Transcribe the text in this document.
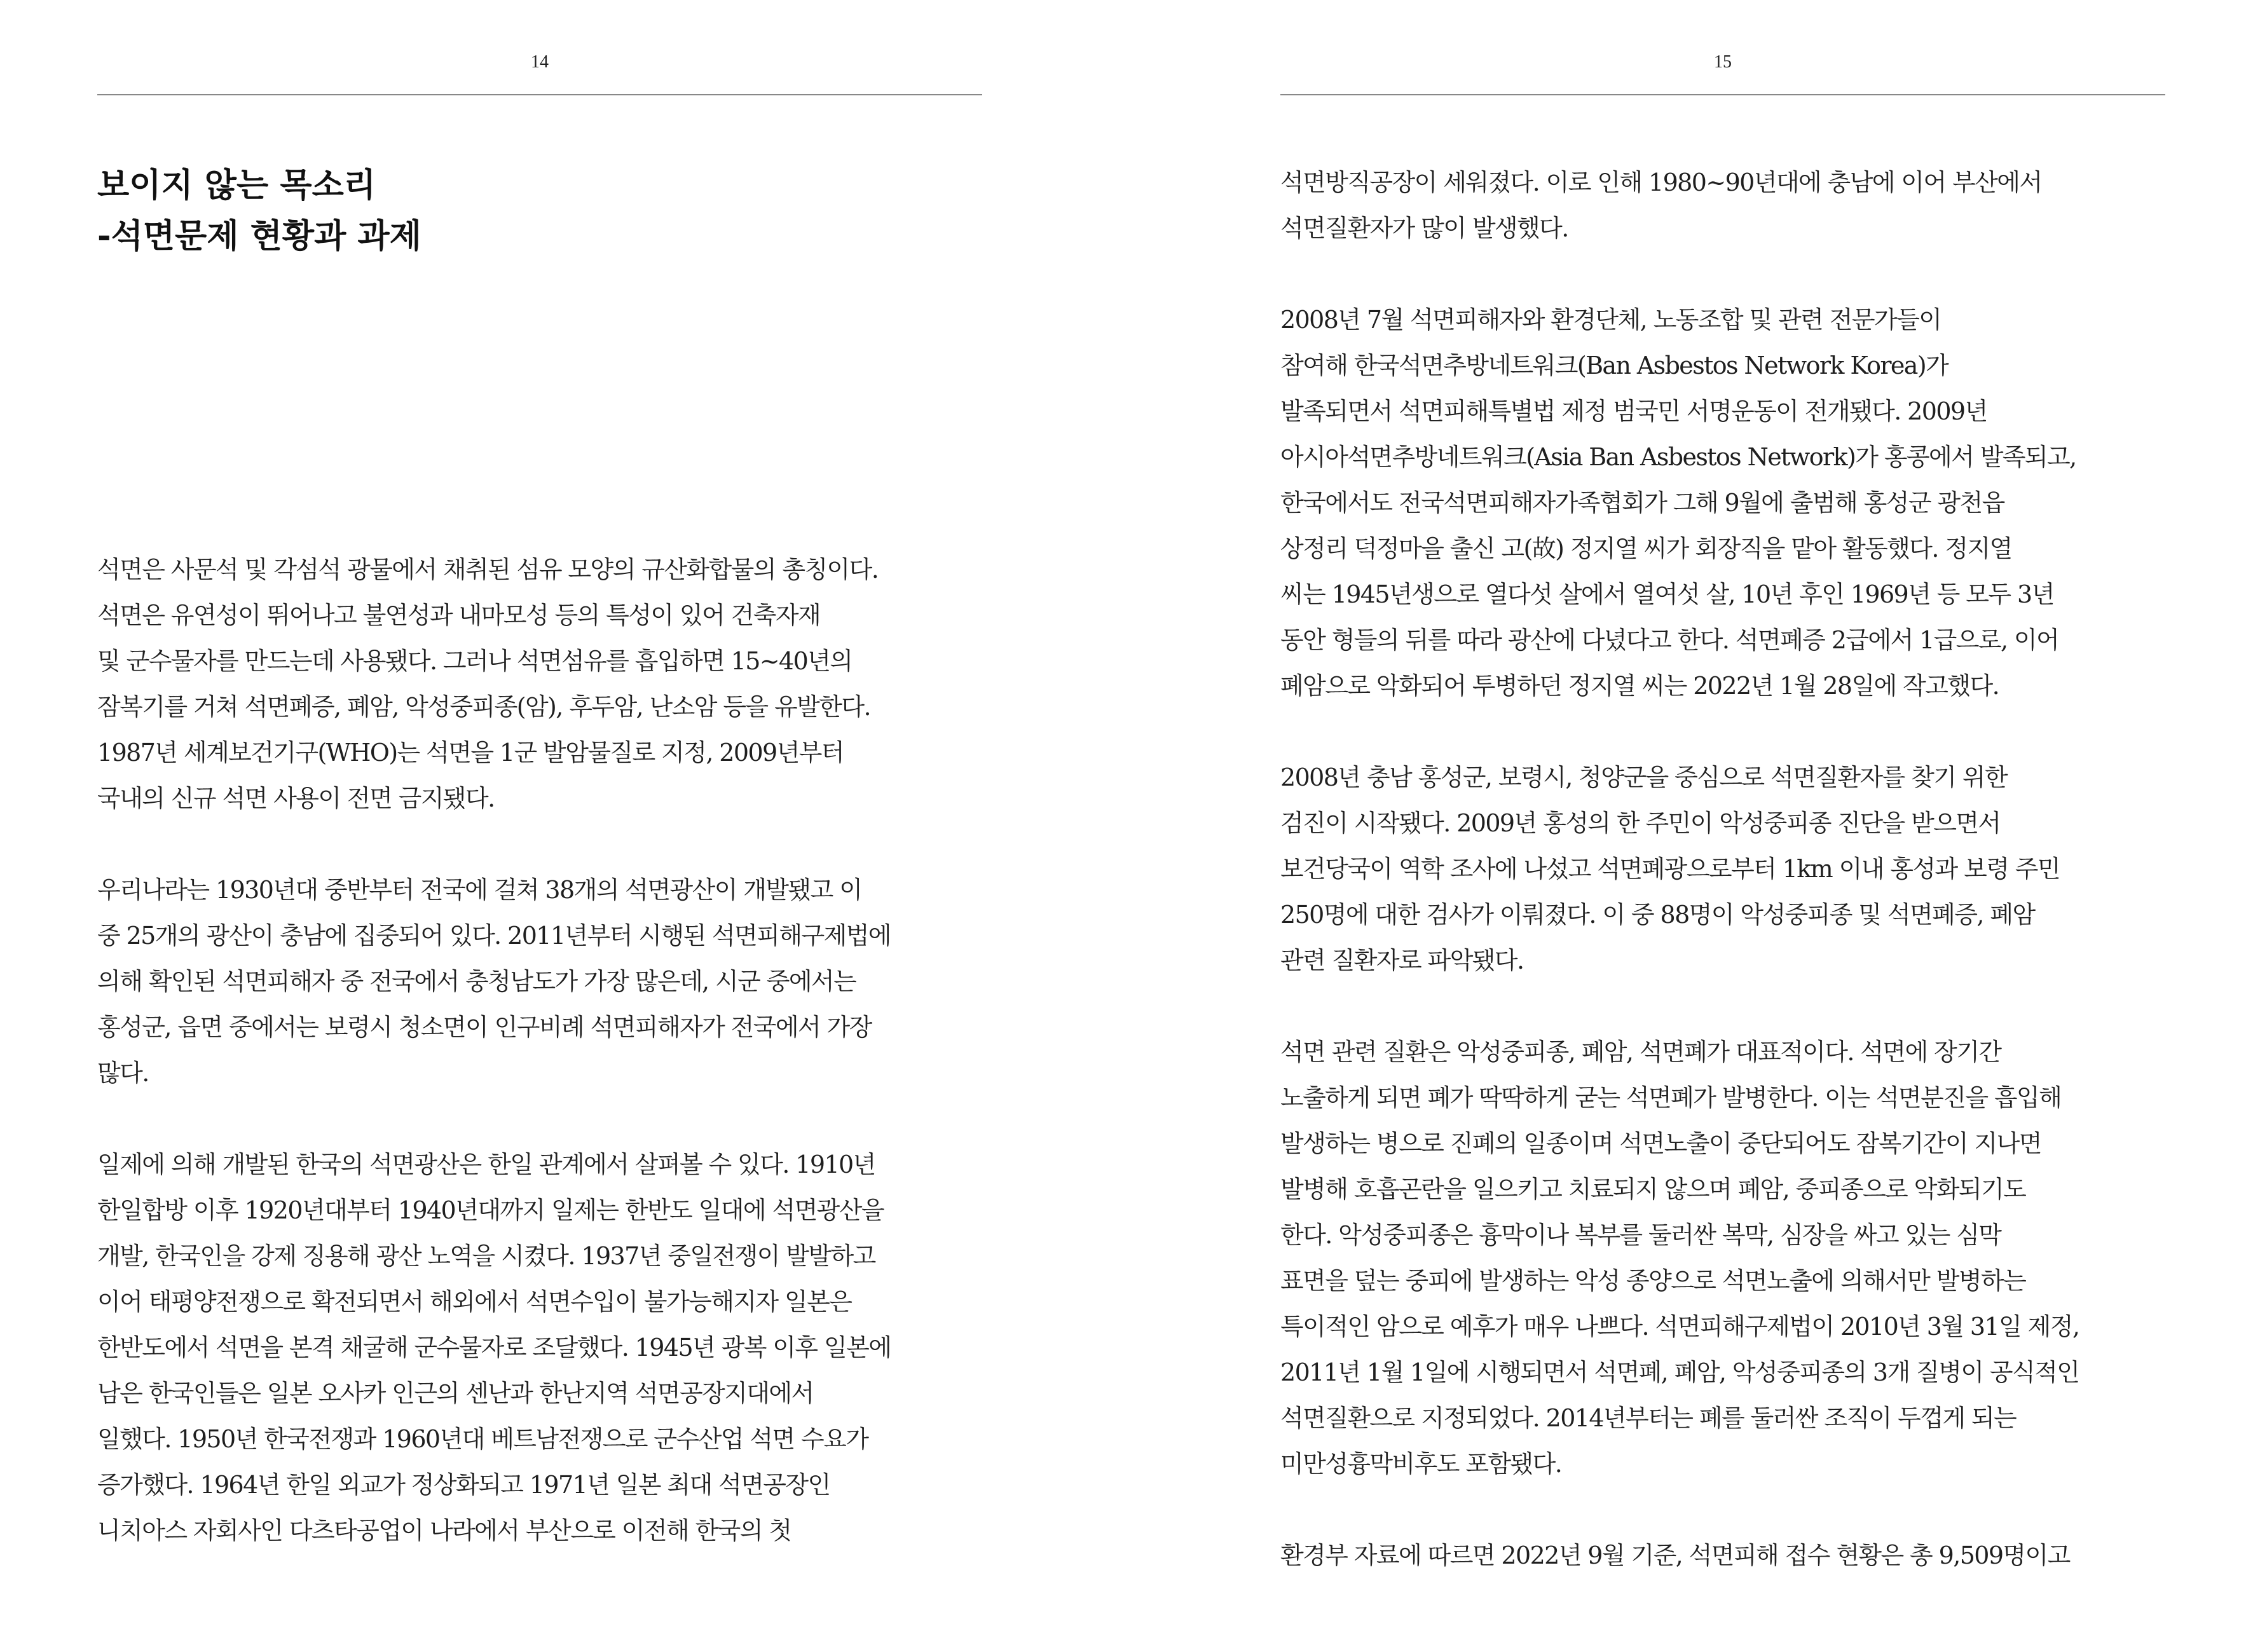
14
보이지 않는 목소리
-석면문제 현황과 과제

석면은 사문석 및 각섬석 광물에서 채취된 섬유 모양의 규산화합물의 총칭이다.
석면은 유연성이 뛰어나고 불연성과 내마모성 등의 특성이 있어 건축자재
및 군수물자를 만드는데 사용됐다. 그러나 석면섬유를 흡입하면 15~40년의
잠복기를 거쳐 석면폐증, 폐암, 악성중피종(암), 후두암, 난소암 등을 유발한다.
1987년 세계보건기구(WHO)는 석면을 1군 발암물질로 지정, 2009년부터
국내의 신규 석면 사용이 전면 금지됐다.

우리나라는 1930년대 중반부터 전국에 걸쳐 38개의 석면광산이 개발됐고 이
중 25개의 광산이 충남에 집중되어 있다. 2011년부터 시행된 석면피해구제법에
의해 확인된 석면피해자 중 전국에서 충청남도가 가장 많은데, 시군 중에서는
홍성군, 읍면 중에서는 보령시 청소면이 인구비례 석면피해자가 전국에서 가장
많다.

일제에 의해 개발된 한국의 석면광산은 한일 관계에서 살펴볼 수 있다. 1910년
한일합방 이후 1920년대부터 1940년대까지 일제는 한반도 일대에 석면광산을
개발, 한국인을 강제 징용해 광산 노역을 시켰다. 1937년 중일전쟁이 발발하고
이어 태평양전쟁으로 확전되면서 해외에서 석면수입이 불가능해지자 일본은
한반도에서 석면을 본격 채굴해 군수물자로 조달했다. 1945년 광복 이후 일본에
남은 한국인들은 일본 오사카 인근의 센난과 한난지역 석면공장지대에서
일했다. 1950년 한국전쟁과 1960년대 베트남전쟁으로 군수산업 석면 수요가
증가했다. 1964년 한일 외교가 정상화되고 1971년 일본 최대 석면공장인
니치아스 자회사인 다츠타공업이 나라에서 부산으로 이전해 한국의 첫

15

석면방직공장이 세워졌다. 이로 인해 1980~90년대에 충남에 이어 부산에서
석면질환자가 많이 발생했다.

2008년 7월 석면피해자와 환경단체, 노동조합 및 관련 전문가들이
참여해 한국석면추방네트워크(Ban Asbestos Network Korea)가
발족되면서 석면피해특별법 제정 범국민 서명운동이 전개됐다. 2009년
아시아석면추방네트워크(Asia Ban Asbestos Network)가 홍콩에서 발족되고,
한국에서도 전국석면피해자가족협회가 그해 9월에 출범해 홍성군 광천읍
상정리 덕정마을 출신 고(故) 정지열 씨가 회장직을 맡아 활동했다. 정지열
씨는 1945년생으로 열다섯 살에서 열여섯 살, 10년 후인 1969년 등 모두 3년
동안 형들의 뒤를 따라 광산에 다녔다고 한다. 석면폐증 2급에서 1급으로, 이어
폐암으로 악화되어 투병하던 정지열 씨는 2022년 1월 28일에 작고했다.

2008년 충남 홍성군, 보령시, 청양군을 중심으로 석면질환자를 찾기 위한
검진이 시작됐다. 2009년 홍성의 한 주민이 악성중피종 진단을 받으면서
보건당국이 역학 조사에 나섰고 석면폐광으로부터 1km 이내 홍성과 보령 주민
250명에 대한 검사가 이뤄졌다. 이 중 88명이 악성중피종 및 석면폐증, 폐암
관련 질환자로 파악됐다.

석면 관련 질환은 악성중피종, 폐암, 석면폐가 대표적이다. 석면에 장기간
노출하게 되면 폐가 딱딱하게 굳는 석면폐가 발병한다. 이는 석면분진을 흡입해
발생하는 병으로 진폐의 일종이며 석면노출이 중단되어도 잠복기간이 지나면
발병해 호흡곤란을 일으키고 치료되지 않으며 폐암, 중피종으로 악화되기도
한다. 악성중피종은 흉막이나 복부를 둘러싼 복막, 심장을 싸고 있는 심막
표면을 덮는 중피에 발생하는 악성 종양으로 석면노출에 의해서만 발병하는
특이적인 암으로 예후가 매우 나쁘다. 석면피해구제법이 2010년 3월 31일 제정,
2011년 1월 1일에 시행되면서 석면폐, 폐암, 악성중피종의 3개 질병이 공식적인
석면질환으로 지정되었다. 2014년부터는 폐를 둘러싼 조직이 두껍게 되는
미만성흉막비후도 포함됐다.

환경부 자료에 따르면 2022년 9월 기준, 석면피해 접수 현황은 총 9,509명이고
